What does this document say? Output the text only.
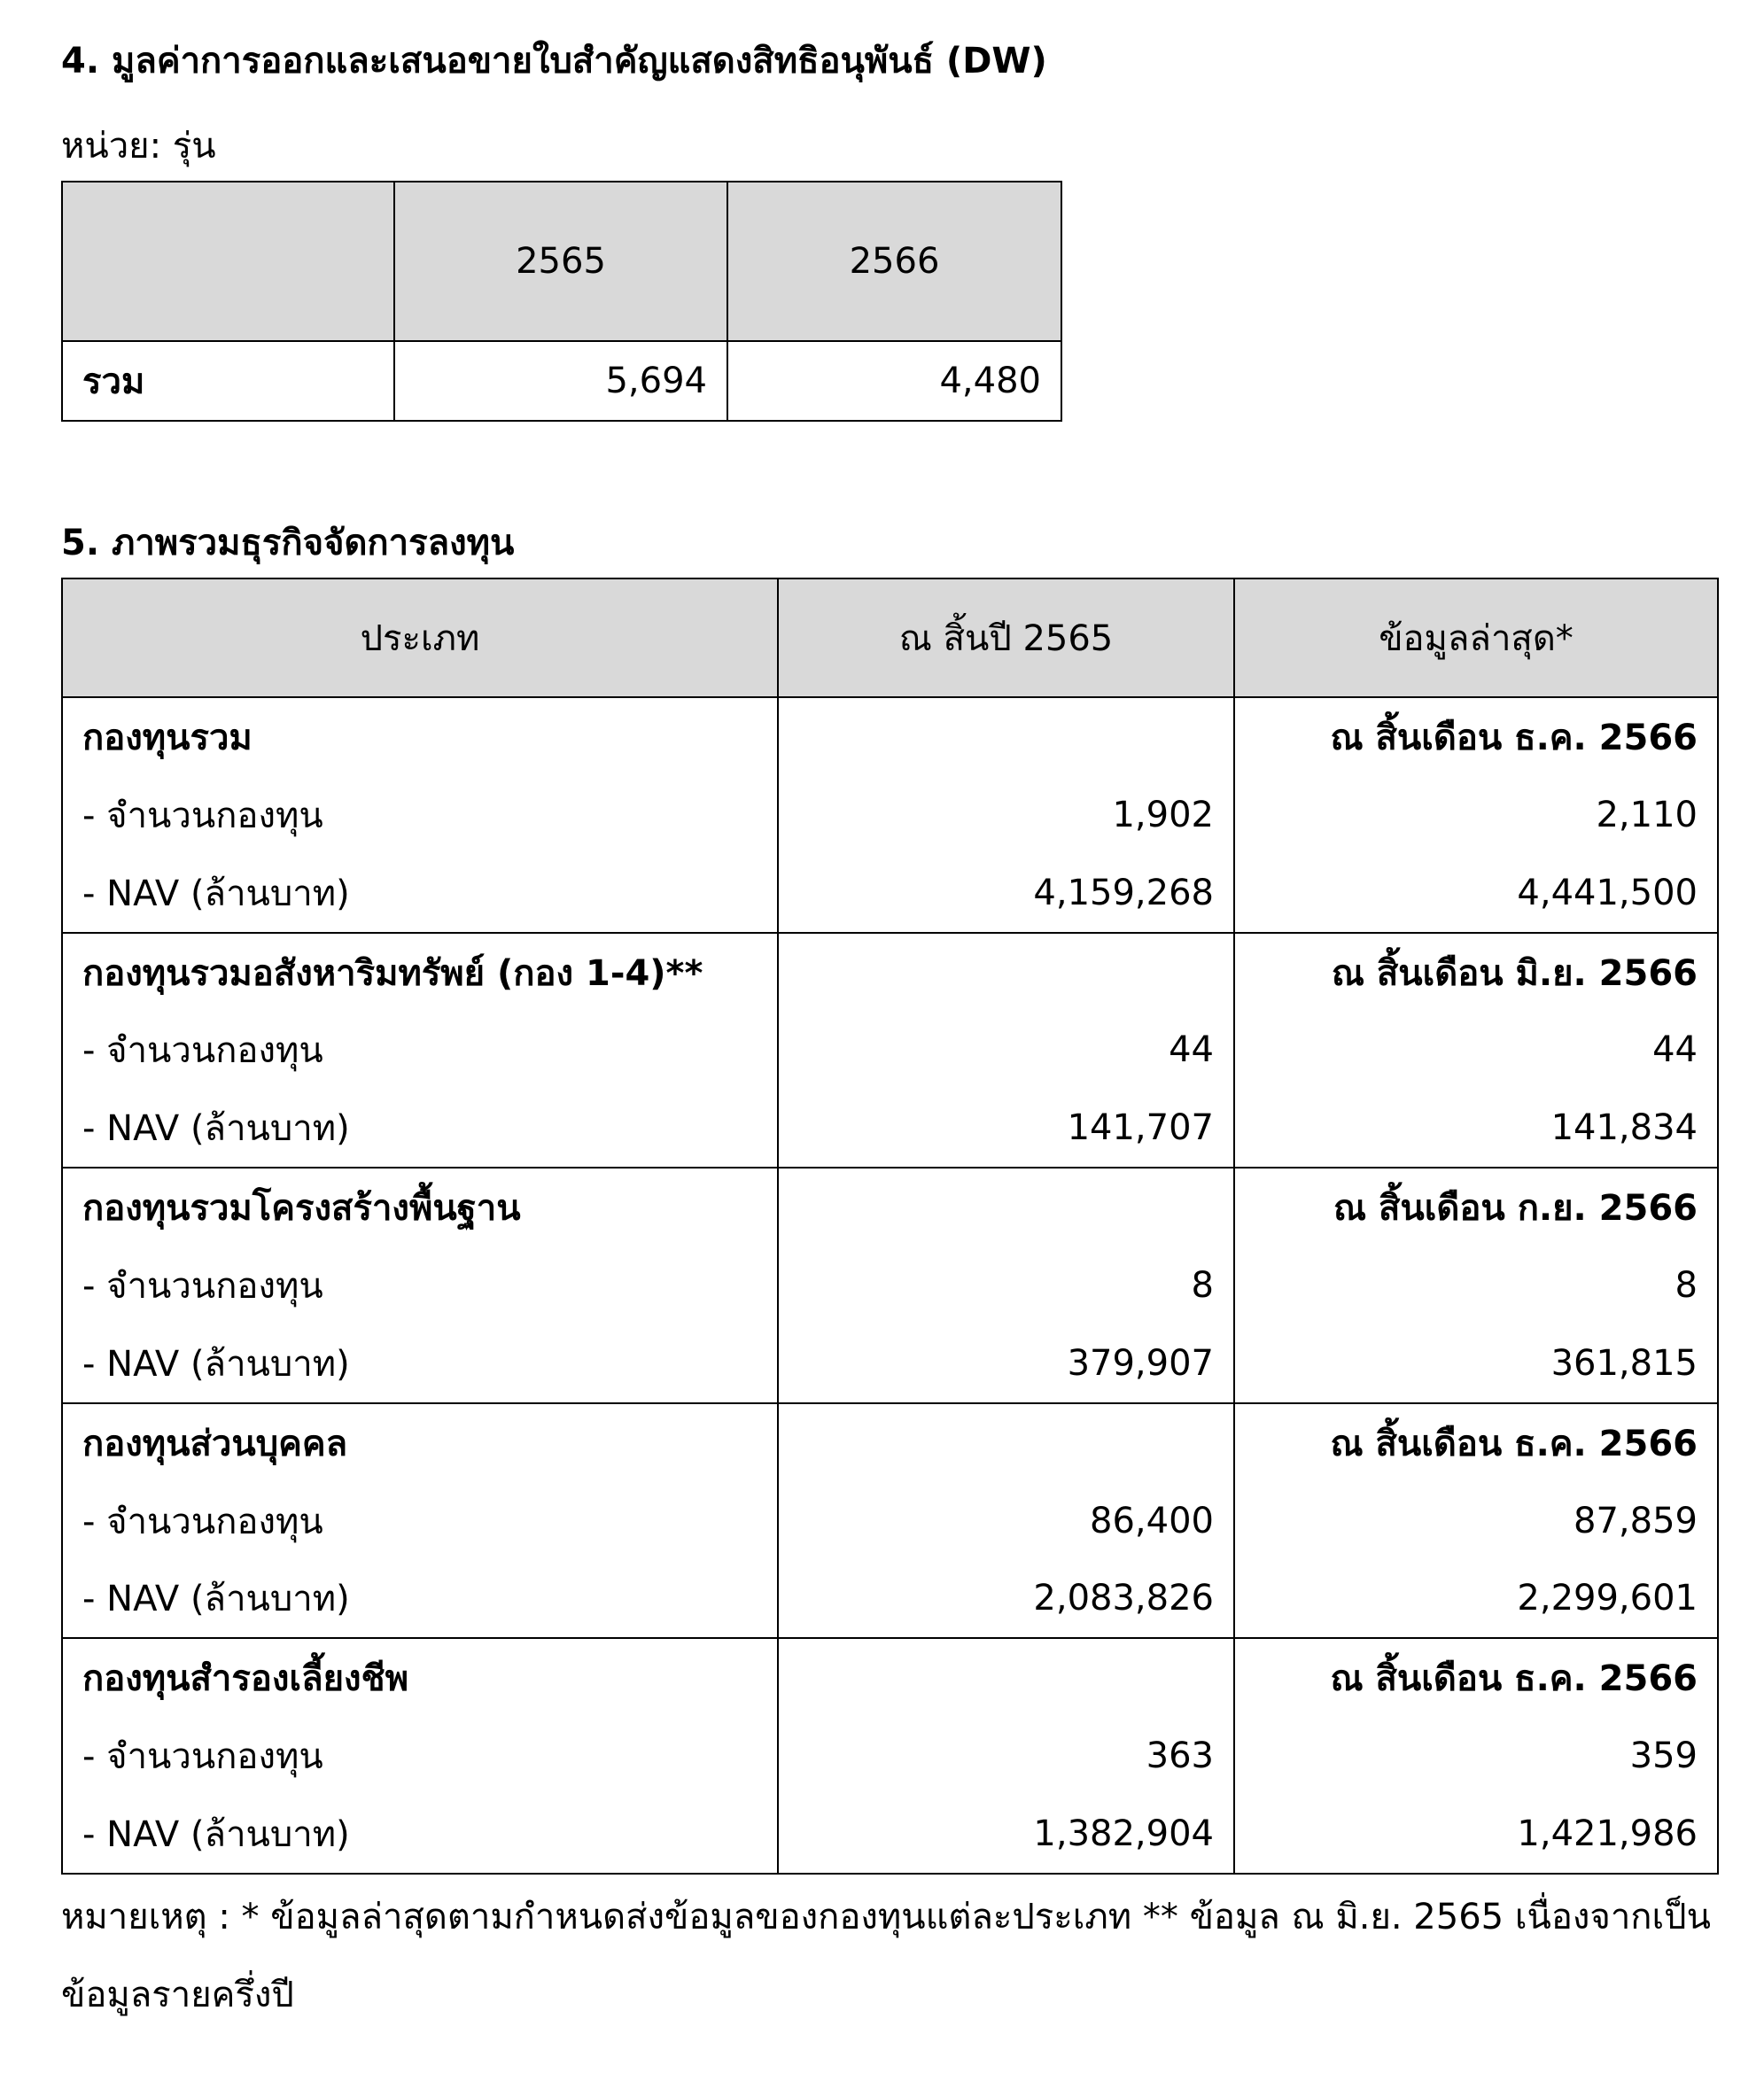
4. มูลค่าการออกและเสนอขายใบสำคัญแสดงสิทธิอนุพันธ์ (DW)
หน่วย: รุ่น
	2565	2566
รวม	5,694	4,480
5. ภาพรวมธุรกิจจัดการลงทุน
ประเภท	ณ สิ้นปี 2565	ข้อมูลล่าสุด*
กองทุนรวม		ณ สิ้นเดือน ธ.ค. 2566
- จำนวนกองทุน	1,902	2,110
- NAV (ล้านบาท)	4,159,268	4,441,500
กองทุนรวมอสังหาริมทรัพย์ (กอง 1-4)**		ณ สิ้นเดือน มิ.ย. 2566
- จำนวนกองทุน	44	44
- NAV (ล้านบาท)	141,707	141,834
กองทุนรวมโครงสร้างพื้นฐาน		ณ สิ้นเดือน ก.ย. 2566
- จำนวนกองทุน	8	8
- NAV (ล้านบาท)	379,907	361,815
กองทุนส่วนบุคคล		ณ สิ้นเดือน ธ.ค. 2566
- จำนวนกองทุน	86,400	87,859
- NAV (ล้านบาท)	2,083,826	2,299,601
กองทุนสำรองเลี้ยงชีพ		ณ สิ้นเดือน ธ.ค. 2566
- จำนวนกองทุน	363	359
- NAV (ล้านบาท)	1,382,904	1,421,986
หมายเหตุ : * ข้อมูลล่าสุดตามกำหนดส่งข้อมูลของกองทุนแต่ละประเภท ** ข้อมูล ณ มิ.ย. 2565 เนื่องจากเป็นข้อมูลรายครึ่งปี
